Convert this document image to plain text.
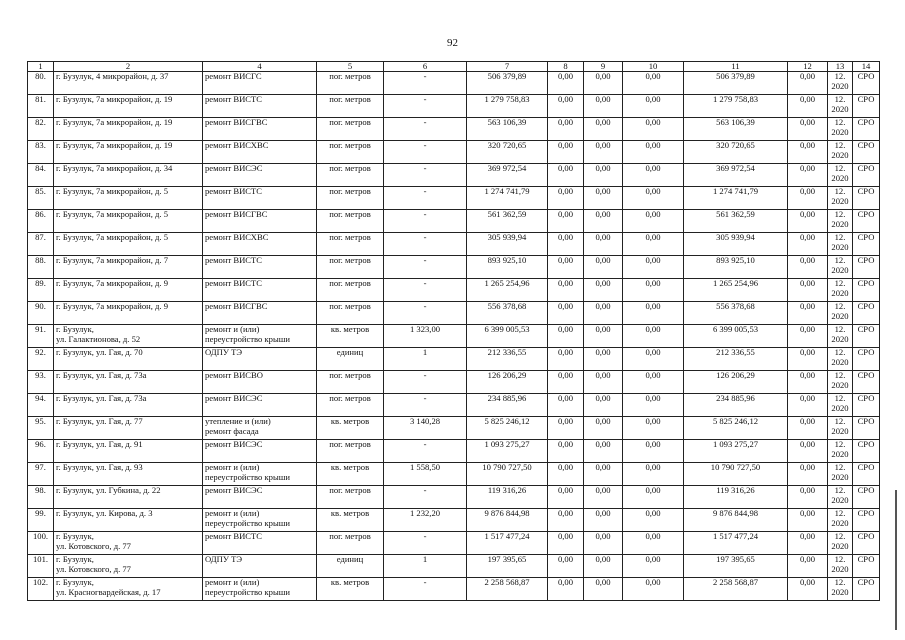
92
1	2	4	5	6	7	8	9	10	11	12	13	14
80.	г. Бузулук, 4 микрорайон, д. 37	ремонт ВИСГС	пог. метров	-	506 379,89	0,00	0,00	0,00	506 379,89	0,00	12.
2020	СРО
81.	г. Бузулук, 7а микрорайон, д. 19	ремонт ВИСТС	пог. метров	-	1 279 758,83	0,00	0,00	0,00	1 279 758,83	0,00	12.
2020	СРО
82.	г. Бузулук, 7а микрорайон, д. 19	ремонт ВИСГВС	пог. метров	-	563 106,39	0,00	0,00	0,00	563 106,39	0,00	12.
2020	СРО
83.	г. Бузулук, 7а микрорайон, д. 19	ремонт ВИСХВС	пог. метров	-	320 720,65	0,00	0,00	0,00	320 720,65	0,00	12.
2020	СРО
84.	г. Бузулук, 7а микрорайон, д. 34	ремонт ВИСЭС	пог. метров	-	369 972,54	0,00	0,00	0,00	369 972,54	0,00	12.
2020	СРО
85.	г. Бузулук, 7а микрорайон, д. 5	ремонт ВИСТС	пог. метров	-	1 274 741,79	0,00	0,00	0,00	1 274 741,79	0,00	12.
2020	СРО
86.	г. Бузулук, 7а микрорайон, д. 5	ремонт ВИСГВС	пог. метров	-	561 362,59	0,00	0,00	0,00	561 362,59	0,00	12.
2020	СРО
87.	г. Бузулук, 7а микрорайон, д. 5	ремонт ВИСХВС	пог. метров	-	305 939,94	0,00	0,00	0,00	305 939,94	0,00	12.
2020	СРО
88.	г. Бузулук, 7а микрорайон, д. 7	ремонт ВИСТС	пог. метров	-	893 925,10	0,00	0,00	0,00	893 925,10	0,00	12.
2020	СРО
89.	г. Бузулук, 7а микрорайон, д. 9	ремонт ВИСТС	пог. метров	-	1 265 254,96	0,00	0,00	0,00	1 265 254,96	0,00	12.
2020	СРО
90.	г. Бузулук, 7а микрорайон, д. 9	ремонт ВИСГВС	пог. метров	-	556 378,68	0,00	0,00	0,00	556 378,68	0,00	12.
2020	СРО
91.	г. Бузулук,
ул. Галактионова, д. 52	ремонт и (или)
переустройство крыши	кв. метров	1 323,00	6 399 005,53	0,00	0,00	0,00	6 399 005,53	0,00	12.
2020	СРО
92.	г. Бузулук, ул. Гая, д. 70	ОДПУ ТЭ	единиц	1	212 336,55	0,00	0,00	0,00	212 336,55	0,00	12.
2020	СРО
93.	г. Бузулук, ул. Гая, д. 73а	ремонт ВИСВО	пог. метров	-	126 206,29	0,00	0,00	0,00	126 206,29	0,00	12.
2020	СРО
94.	г. Бузулук, ул. Гая, д. 73а	ремонт ВИСЭС	пог. метров	-	234 885,96	0,00	0,00	0,00	234 885,96	0,00	12.
2020	СРО
95.	г. Бузулук, ул. Гая, д. 77	утепление и (или)
ремонт фасада	кв. метров	3 140,28	5 825 246,12	0,00	0,00	0,00	5 825 246,12	0,00	12.
2020	СРО
96.	г. Бузулук, ул. Гая, д. 91	ремонт ВИСЭС	пог. метров	-	1 093 275,27	0,00	0,00	0,00	1 093 275,27	0,00	12.
2020	СРО
97.	г. Бузулук, ул. Гая, д. 93	ремонт и (или)
переустройство крыши	кв. метров	1 558,50	10 790 727,50	0,00	0,00	0,00	10 790 727,50	0,00	12.
2020	СРО
98.	г. Бузулук, ул. Губкина, д. 22	ремонт ВИСЭС	пог. метров	-	119 316,26	0,00	0,00	0,00	119 316,26	0,00	12.
2020	СРО
99.	г. Бузулук, ул. Кирова, д. 3	ремонт и (или)
переустройство крыши	кв. метров	1 232,20	9 876 844,98	0,00	0,00	0,00	9 876 844,98	0,00	12.
2020	СРО
100.	г. Бузулук,
ул. Котовского, д. 77	ремонт ВИСТС	пог. метров	-	1 517 477,24	0,00	0,00	0,00	1 517 477,24	0,00	12.
2020	СРО
101.	г. Бузулук,
ул. Котовского, д. 77	ОДПУ ТЭ	единиц	1	197 395,65	0,00	0,00	0,00	197 395,65	0,00	12.
2020	СРО
102.	г. Бузулук,
ул. Красногвардейская, д. 17	ремонт и (или)
переустройство крыши	кв. метров	-	2 258 568,87	0,00	0,00	0,00	2 258 568,87	0,00	12.
2020	СРО
